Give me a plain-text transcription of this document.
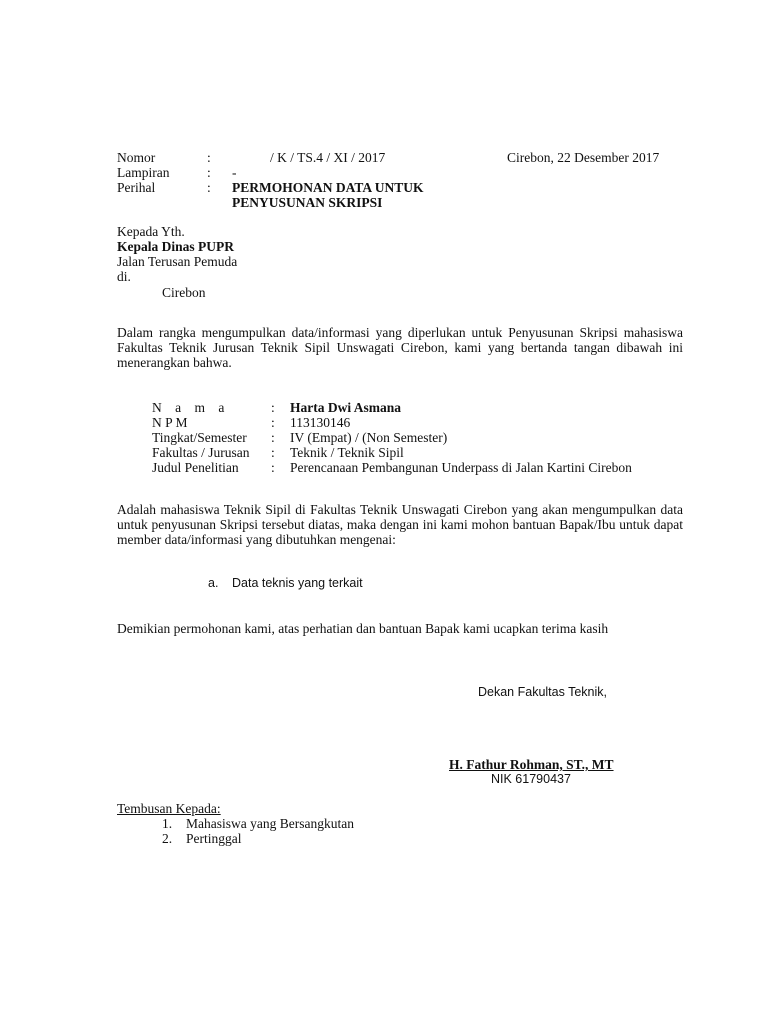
Nomor	:	/ K / TS.4 / XI / 2017	Cirebon, 22 Desember 2017
Lampiran	: -
Perihal	: PERMOHONAN DATA UNTUK
PENYUSUNAN SKRIPSI
Kepada Yth.
Kepala Dinas PUPR
Jalan Terusan Pemuda
di.
Cirebon
Dalam rangka mengumpulkan data/informasi yang diperlukan untuk Penyusunan Skripsi mahasiswa Fakultas Teknik Jurusan Teknik Sipil Unswagati Cirebon, kami yang bertanda tangan dibawah ini menerangkan bahwa.
N a m a	: Harta Dwi Asmana
N P M	: 113130146
Tingkat/Semester : IV (Empat) / (Non Semester)
Fakultas / Jurusan : Teknik / Teknik Sipil
Judul Penelitian : Perencanaan Pembangunan Underpass di Jalan Kartini Cirebon
Adalah mahasiswa Teknik Sipil di Fakultas Teknik Unswagati Cirebon yang akan mengumpulkan data untuk penyusunan Skripsi tersebut diatas, maka dengan ini kami mohon bantuan Bapak/Ibu untuk dapat member data/informasi yang dibutuhkan mengenai:
a. Data teknis yang terkait
Demikian permohonan kami, atas perhatian dan bantuan Bapak kami ucapkan terima kasih
Dekan Fakultas Teknik,
H. Fathur Rohman, ST., MT
NIK 61790437
Tembusan Kepada:
1. Mahasiswa yang Bersangkutan
2. Pertinggal
